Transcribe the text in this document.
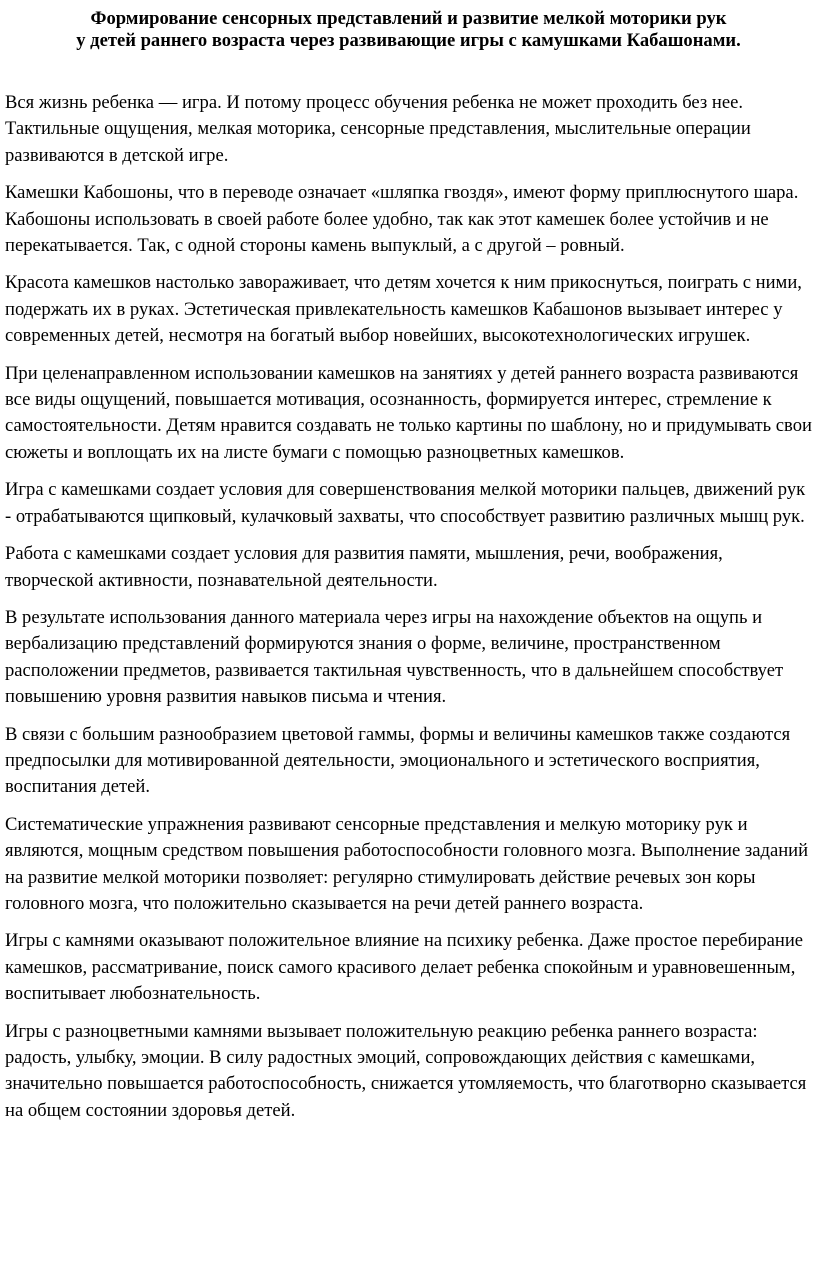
Формирование сенсорных представлений и развитие мелкой моторики рук
у детей раннего возраста через развивающие игры с камушками Кабашонами.

Вся жизнь ребенка — игра. И потому процесс обучения ребенка не может проходить без нее. Тактильные ощущения, мелкая моторика, сенсорные представления, мыслительные операции развиваются в детской игре.

Камешки Кабошоны, что в переводе означает «шляпка гвоздя», имеют форму приплюснутого шара. Кабошоны использовать в своей работе более удобно, так как этот камешек более устойчив и не перекатывается. Так, с одной стороны камень выпуклый, а с другой – ровный.

Красота камешков настолько завораживает, что детям хочется к ним прикоснуться, поиграть с ними, подержать их в руках. Эстетическая привлекательность камешков Кабашонов вызывает интерес у современных детей, несмотря на богатый выбор новейших, высокотехнологических игрушек.

При целенаправленном использовании камешков на занятиях у детей раннего возраста развиваются все виды ощущений, повышается мотивация, осознанность, формируется интерес, стремление к самостоятельности. Детям нравится создавать не только картины по шаблону, но и придумывать свои сюжеты и воплощать их на листе бумаги с помощью разноцветных камешков.

Игра с камешками создает условия для совершенствования мелкой моторики пальцев, движений рук - отрабатываются щипковый, кулачковый захваты, что способствует развитию различных мышц рук.

Работа с камешками создает условия для развития памяти, мышления, речи, воображения, творческой активности, познавательной деятельности.

В результате использования данного материала через игры на нахождение объектов на ощупь и вербализацию представлений формируются знания о форме, величине, пространственном расположении предметов, развивается тактильная чувственность, что в дальнейшем способствует повышению уровня развития навыков письма и чтения.

В связи с большим разнообразием цветовой гаммы, формы и величины камешков также создаются предпосылки для мотивированной деятельности, эмоционального и эстетического восприятия, воспитания детей.

Систематические упражнения развивают сенсорные представления и мелкую моторику рук и являются, мощным средством повышения работоспособности головного мозга. Выполнение заданий на развитие мелкой моторики позволяет: регулярно стимулировать действие речевых зон коры головного мозга, что положительно сказывается на речи детей раннего возраста.

Игры с камнями оказывают положительное влияние на психику ребенка. Даже простое перебирание камешков, рассматривание, поиск самого красивого делает ребенка спокойным и уравновешенным, воспитывает любознательность.

Игры с разноцветными камнями вызывает положительную реакцию ребенка раннего возраста: радость, улыбку, эмоции. В силу радостных эмоций, сопровождающих действия с камешками, значительно повышается работоспособность, снижается утомляемость, что благотворно сказывается на общем состоянии здоровья детей.
